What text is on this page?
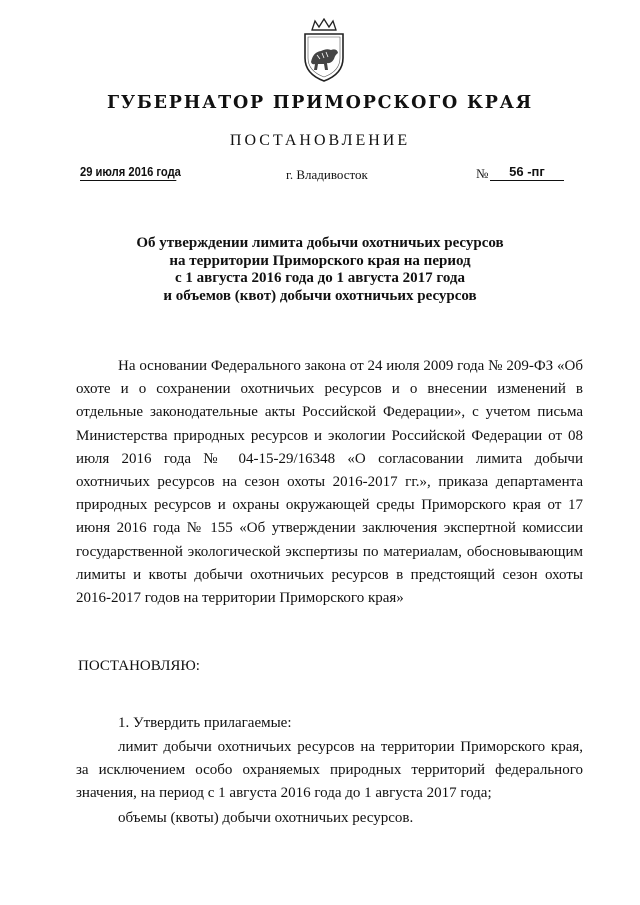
ГУБЕРНАТОР ПРИМОРСКОГО КРАЯ
ПОСТАНОВЛЕНИЕ
29 июля 2016 года	г. Владивосток	№	56 -пг
Об утверждении лимита добычи охотничьих ресурсов
на территории Приморского края на период
с 1 августа 2016 года до 1 августа 2017 года
и объемов (квот) добычи охотничьих ресурсов
На основании Федерального закона от 24 июля 2009 года № 209-ФЗ «Об охоте и о сохранении охотничьих ресурсов и о внесении изменений в отдельные законодательные акты Российской Федерации», с учетом письма Министерства природных ресурсов и экологии Российской Федерации от 08 июля 2016 года № 04-15-29/16348 «О согласовании лимита добычи охотничьих ресурсов на сезон охоты 2016-2017 гг.», приказа департамента природных ресурсов и охраны окружающей среды Приморского края от 17 июня 2016 года № 155 «Об утверждении заключения экспертной комиссии государственной экологической экспертизы по материалам, обосновывающим лимиты и квоты добычи охотничьих ресурсов в предстоящий сезон охоты 2016-2017 годов на территории Приморского края»
ПОСТАНОВЛЯЮ:
1. Утвердить прилагаемые:
лимит добычи охотничьих ресурсов на территории Приморского края, за исключением особо охраняемых природных территорий федерального значения, на период с 1 августа 2016 года до 1 августа 2017 года;
объемы (квоты) добычи охотничьих ресурсов.
